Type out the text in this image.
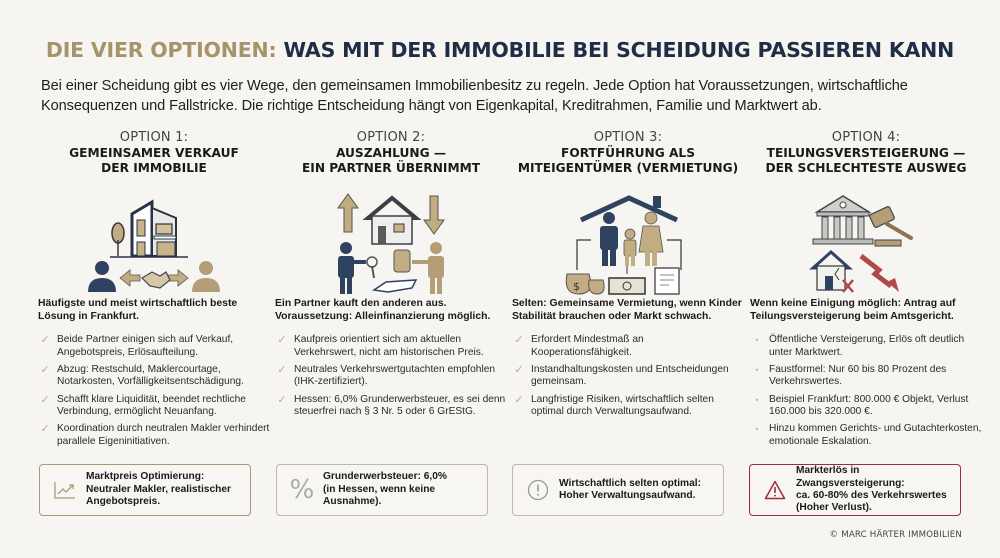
DIE VIER OPTIONEN: WAS MIT DER IMMOBILIE BEI SCHEIDUNG PASSIEREN KANN

Bei einer Scheidung gibt es vier Wege, den gemeinsamen Immobilienbesitz zu regeln. Jede Option hat Voraussetzungen, wirtschaftliche Konsequenzen und Fallstricke. Die richtige Entscheidung hängt von Eigenkapital, Kreditrahmen, Familie und Marktwert ab.

OPTION 1:
GEMEINSAMER VERKAUF
DER IMMOBILIE
Häufigste und meist wirtschaftlich beste Lösung in Frankfurt.
✓ Beide Partner einigen sich auf Verkauf, Angebotspreis, Erlösaufteilung.
✓ Abzug: Restschuld, Maklercourtage, Notarkosten, Vorfälligkeitsentschädigung.
✓ Schafft klare Liquidität, beendet rechtliche Verbindung, ermöglicht Neuanfang.
✓ Koordination durch neutralen Makler verhindert parallele Eigeninitiativen.
OPTION 2:
AUSZAHLUNG —
EIN PARTNER ÜBERNIMMT
Ein Partner kauft den anderen aus. Voraussetzung: Alleinfinanzierung möglich.
✓ Kaufpreis orientiert sich am aktuellen Verkehrswert, nicht am historischen Preis.
✓ Neutrales Verkehrswertgutachten empfohlen (IHK-zertifiziert).
✓ Hessen: 6,0% Grunderwerbsteuer, es sei denn steuerfrei nach § 3 Nr. 5 oder 6 GrEStG.
OPTION 3:
FORTFÜHRUNG ALS
MITEIGENTÜMER (VERMIETUNG)
$
Selten: Gemeinsame Vermietung, wenn Kinder Stabilität brauchen oder Markt schwach.
✓ Erfordert Mindestmaß an Kooperationsfähigkeit.
✓ Instandhaltungskosten und Entscheidungen gemeinsam.
✓ Langfristige Risiken, wirtschaftlich selten optimal durch Verwaltungsaufwand.
OPTION 4:
TEILUNGSVERSTEIGERUNG —
DER SCHLECHTESTE AUSWEG
Wenn keine Einigung möglich: Antrag auf Teilungsversteigerung beim Amtsgericht.
•	Öffentliche Versteigerung, Erlös oft deutlich unter Marktwert.
•	Faustformel: Nur 60 bis 80 Prozent des Verkehrswertes.
•	Beispiel Frankfurt: 800.000 € Objekt, Verlust 160.000 bis 320.000 €.
•	Hinzu kommen Gerichts- und Gutachterkosten, emotionale Eskalation.
Marktpreis Optimierung:
Neutraler Makler, realistischer
Angebotspreis.	% Grunderwerbsteuer: 6,0%
(in Hessen, wenn keine Ausnahme).
Wirtschaftlich selten optimal:
Hoher Verwaltungsaufwand.
Markterlös in Zwangsversteigerung:
ca. 60-80% des Verkehrswertes
(Hoher Verlust).
© MARC HÄRTER IMMOBILIEN
